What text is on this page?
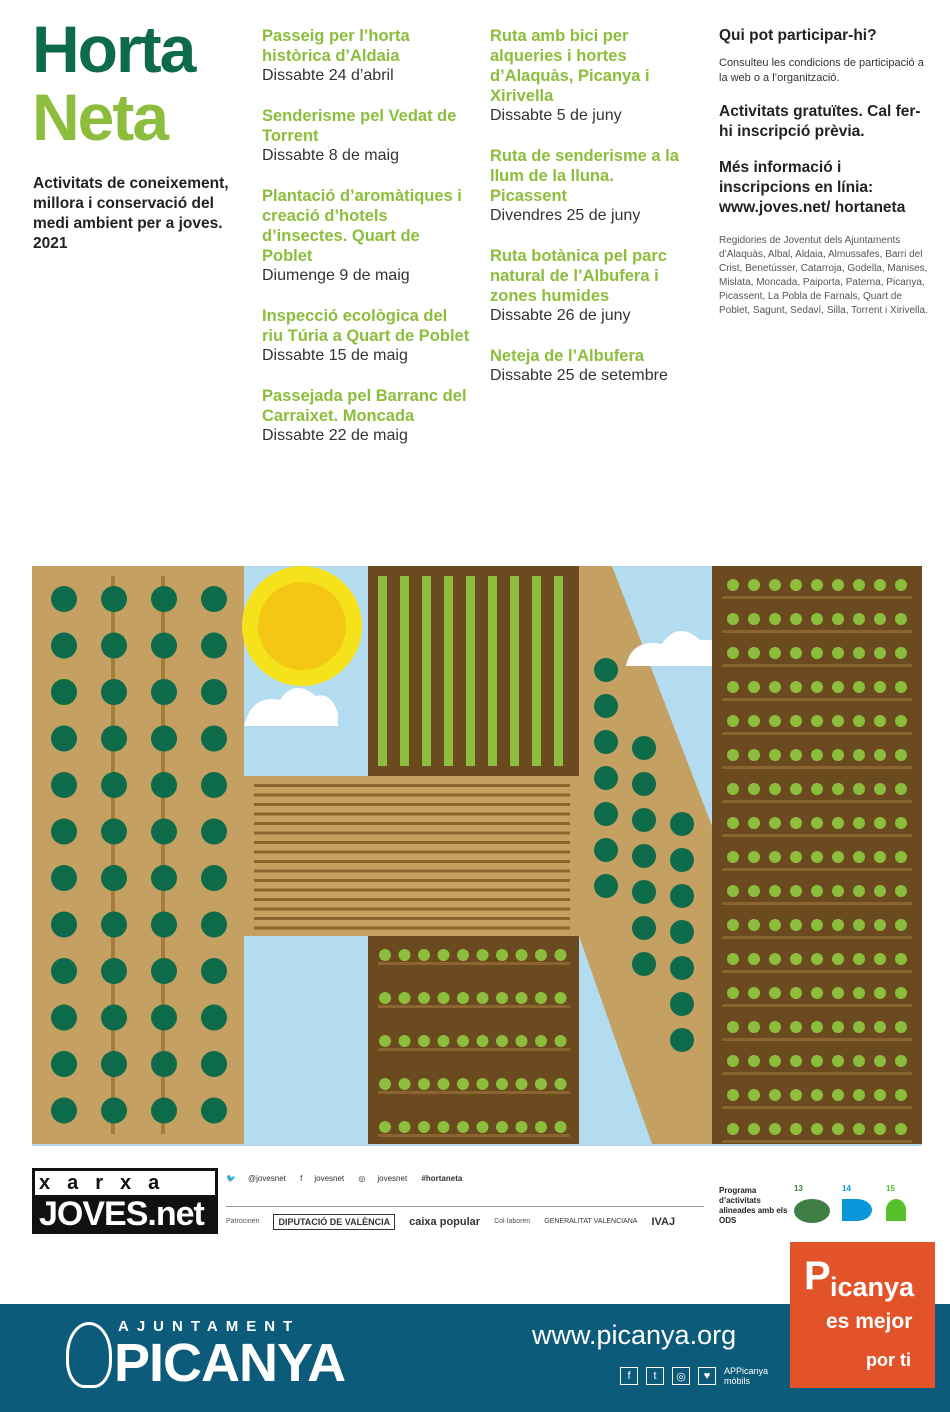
Horta
Neta
Activitats de coneixement, millora i conservació del medi ambient per a joves. 2021
Passeig per l’horta històrica d’Aldaia
Dissabte 24 d’abril
Senderisme pel Vedat de Torrent
Dissabte 8 de maig
Plantació d’aromàtiques i creació d’hotels d’insectes. Quart de Poblet
Diumenge 9 de maig
Inspecció ecològica del riu Túria a Quart de Poblet
Dissabte 15 de maig
Passejada pel Barranc del Carraixet. Moncada
Dissabte 22 de maig
Ruta amb bici per alqueries i hortes d’Alaquàs, Picanya i Xirivella
Dissabte 5 de juny
Ruta de senderisme a la llum de la lluna. Picassent
Divendres 25 de juny
Ruta botànica pel parc natural de l’Albufera i zones humides
Dissabte 26 de juny
Neteja de l’Albufera
Dissabte 25 de setembre
Qui pot participar-hi?
Consulteu les condicions de participació a la web o a l’organització.
Activitats gratuïtes. Cal fer-hi inscripció prèvia.
Més informació i inscripcions en línia: www.joves.net/ hortaneta
Regidories de Joventut dels Ajuntaments d’Alaquàs, Albal, Aldaia, Almussafes, Barri del Crist, Benetússer, Catarroja, Godella, Manises, Mislata, Moncada, Paiporta, Paterna, Picanya, Picassent, La Pobla de Farnals, Quart de Poblet, Sagunt, Sedaví, Silla, Torrent i Xirivella.
xarxa
JOVES.net
🐦 @jovesnet f jovesnet ◎ jovesnet #hortaneta
Patrocinen	DIPUTACIÓ DE VALÈNCIA	caixa popular Col·laboren GENERALITAT VALENCIANA IVAJ
Programa d’activitats alineades amb els ODS
13	14	15
AJUNTAMENT
PICANYA	www.picanya.org
f	t	◎	♥	APPicanya mòbils
P icanya
es mejor
por ti
